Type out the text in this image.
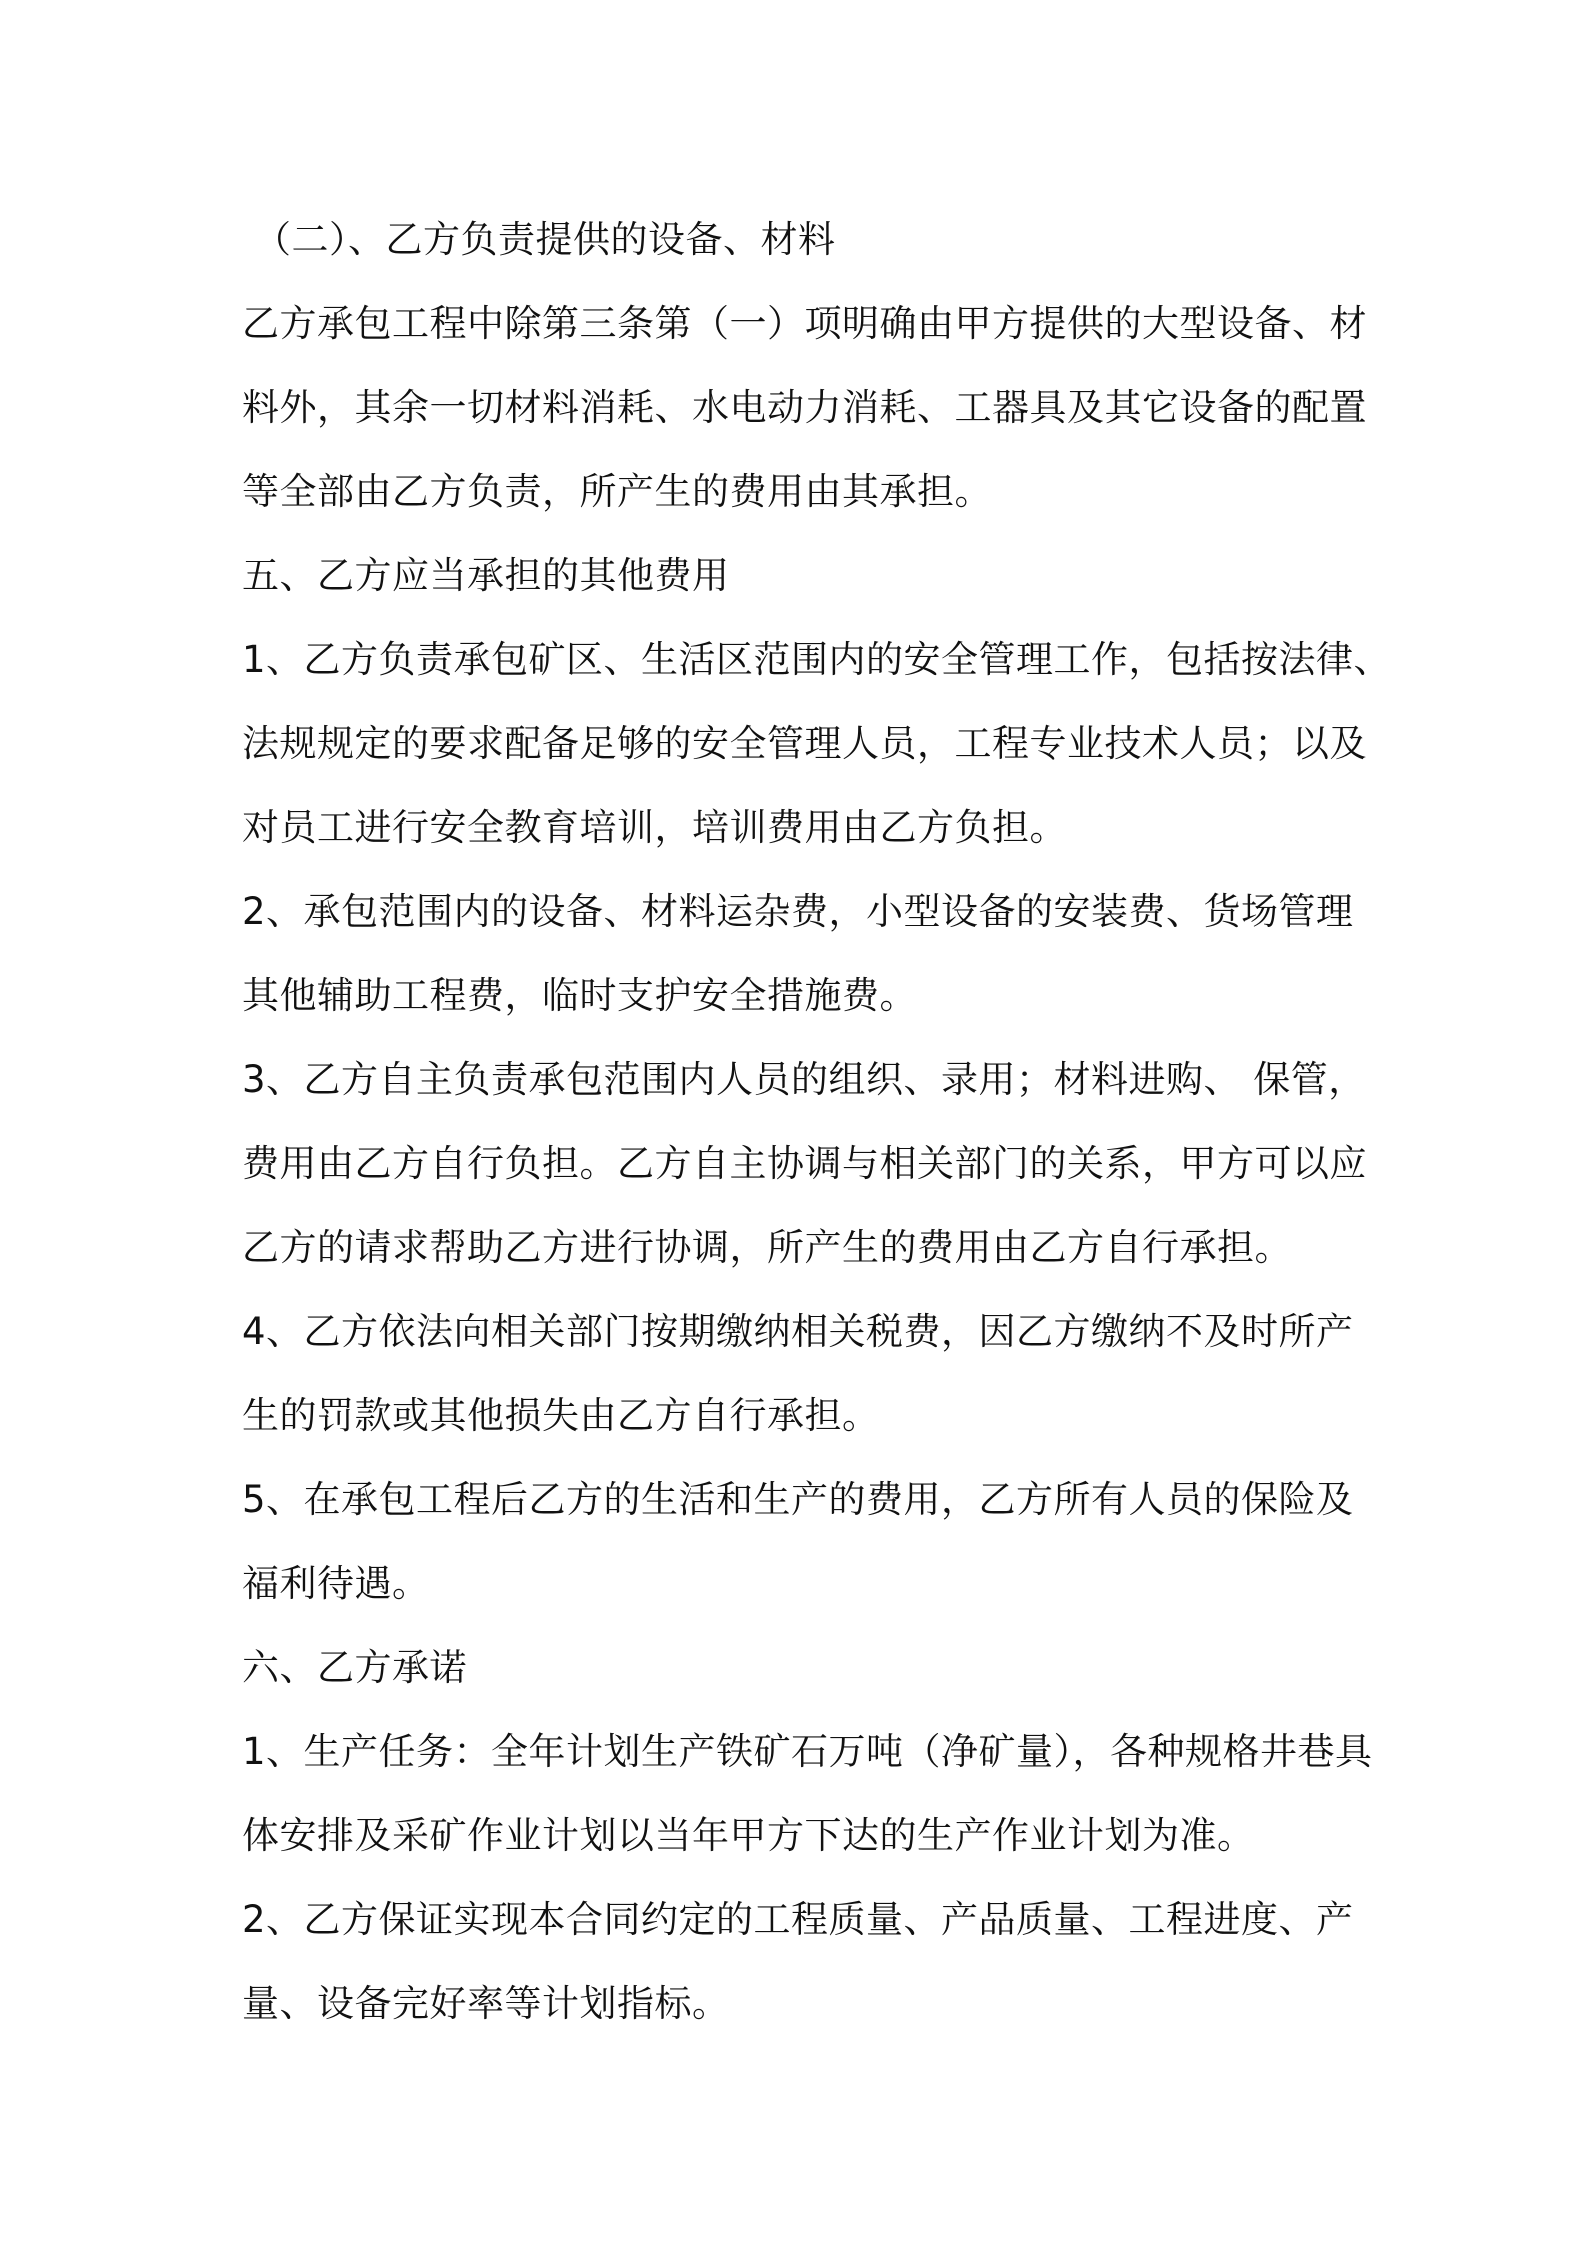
（二）、乙方负责提供的设备、材料
乙方承包工程中除第三条第（一）项明确由甲方提供的大型设备、材
料外，其余一切材料消耗、水电动力消耗、工器具及其它设备的配置
等全部由乙方负责，所产生的费用由其承担。
五、乙方应当承担的其他费用
1、乙方负责承包矿区、生活区范围内的安全管理工作，包括按法律、
法规规定的要求配备足够的安全管理人员，工程专业技术人员；以及
对员工进行安全教育培训，培训费用由乙方负担。
2、承包范围内的设备、材料运杂费，小型设备的安装费、货场管理
其他辅助工程费，临时支护安全措施费。
3、乙方自主负责承包范围内人员的组织、录用；材料进购、 保管，
费用由乙方自行负担。乙方自主协调与相关部门的关系，甲方可以应
乙方的请求帮助乙方进行协调，所产生的费用由乙方自行承担。
4、乙方依法向相关部门按期缴纳相关税费，因乙方缴纳不及时所产
生的罚款或其他损失由乙方自行承担。
5、在承包工程后乙方的生活和生产的费用，乙方所有人员的保险及
福利待遇。
六、乙方承诺
1、生产任务：全年计划生产铁矿石万吨（净矿量），各种规格井巷具
体安排及采矿作业计划以当年甲方下达的生产作业计划为准。
2、乙方保证实现本合同约定的工程质量、产品质量、工程进度、产
量、设备完好率等计划指标。
